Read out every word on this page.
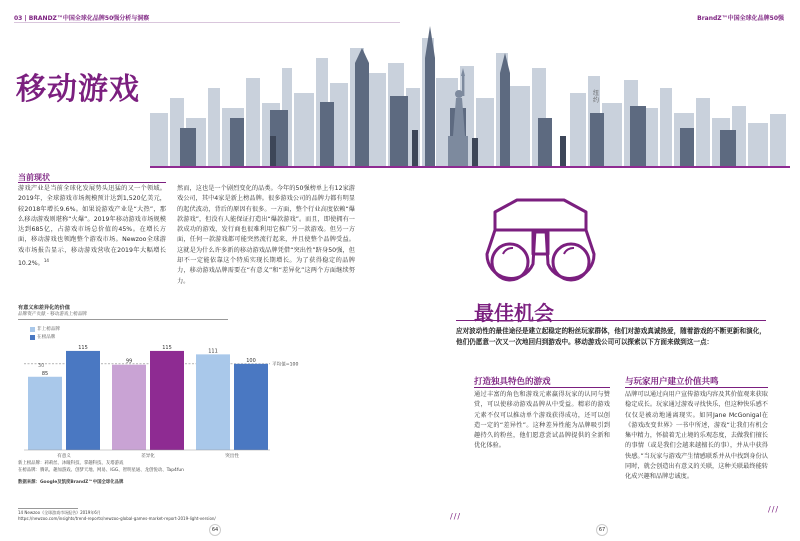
03 | BRANDZ™中国全球化品牌50强分析与洞察	BrandZ™中国全球化品牌50强
纽约
移动游戏
当前现状
游戏产业是当前全球化发展势头迅猛的又一个领域。2019年，全球游戏市场规模预计达到1,520亿美元，较2018年增长9.6%。如果说游戏产业是“大热”，那么移动游戏则堪称“火爆”。2019年移动游戏市场规模达到685亿，占游戏市场总价值的45%。在增长方面，移动游戏也领跑整个游戏市场。Newzoo全球游戏市场报告显示，移动游戏营收在2019年大幅增长10.2%。$^{14}$
然而，这也是一个剧烈变化的品类。今年的50强榜单上有12家游戏公司，其中4家是新上榜品牌。很多游戏公司的品牌力都有明显的起伏波动，背后的原因有很多。一方面，整个行业高度依赖“爆款游戏”，但没有人能保证打造出“爆款游戏”。而且，即使拥有一款成功的游戏，发行商也很难利用它推广另一款游戏。但另一方面，任何一款游戏都可能突然流行起来，并且使整个品牌受益。这就是为什么许多新的移动游戏品牌凭借“突出性”跻身50强，但却不一定能依靠这个特质实现长期增长。为了获得稳定的品牌力，移动游戏品牌需要在“有意义”和“差异化”这两个方面继续努力。
有意义和差异化的价值
品牌资产贡献 - 移动游戏上榜品牌
非上榜品牌
在榜品牌
30	平均值=100
85
115
99
115
111
100
有意义	差异化	突出性
新上榜品牌：莉莉丝、沐瞳科技、掌趣科技、友塔游戏
在榜品牌：腾讯、趣加游戏、创梦天地、网易、IGG、智明星通、龙创悦动、Tap4fun
数据来源：Google及凯度BrandZ™中国全球化品牌
14 Newzoo《全球游戏市场报告》2019年6月
https://newzoo.com/insights/trend-reports/newzoo-global-games-market-report-2019-light-version/
64	67
最佳机会
应对波动性的最佳途径是建立起稳定的粉丝玩家群体，他们对游戏真诚热爱，随着游戏的不断更新和演化，他们仍愿意一次又一次地回归到游戏中。移动游戏公司可以探索以下方面来做到这一点：
打造独具特色的游戏
通过丰富的角色和游戏元素赢得玩家的认同与赞赏，可以使移动游戏品牌从中受益。精彩的游戏元素不仅可以推动单个游戏获得成功，还可以创造一定的“差异性”。这种差异性能为品牌吸引到趣持久的粉丝，他们愿意尝试品牌提供的全新和优化体验。
与玩家用户建立价值共鸣
品牌可以通过向用户宣传游戏内容及其价值观来获取稳定成长。玩家通过游戏寻找快乐，但这种快乐感不仅仅是被动地通离现实。如同Jane McGonigal在《游戏改变世界》一书中所述，游戏“让我们有机会集中精力，怀揣着无止境的乐观态度，去做我们擅长的事情（或是我们会越来越擅长的事），并从中获得快感。”当玩家与游戏产生情感联系并从中找到身份认同时，就会创造出有意义的关联，这种关联最终能转化成兴趣和品牌忠诚度。
///
///
